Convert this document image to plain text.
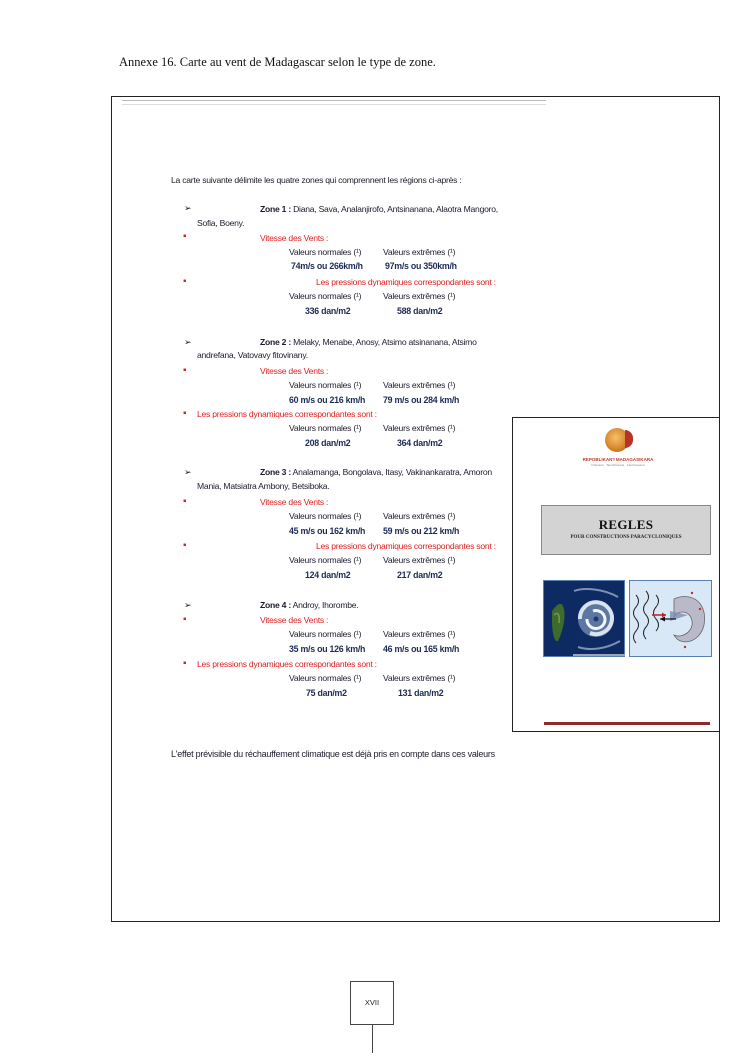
Annexe 16. Carte au vent de Madagascar selon le type de zone.
La carte suivante délimite les quatre zones qui comprennent les régions ci-après :
➢	Zone 1 : Diana, Sava, Analanjirofo, Antsinanana, Alaotra Mangoro,
Sofia, Boeny.
▪	Vitesse des Vents :
Valeurs normales (¹)	Valeurs extrêmes (¹)
74m/s ou 266km/h	97m/s ou 350km/h
▪	Les pressions dynamiques correspondantes sont :
Valeurs normales (¹)	Valeurs extrêmes (¹)
336 dan/m2	588 dan/m2
➢	Zone 2 : Melaky, Menabe, Anosy, Atsimo atsinanana, Atsimo
andrefana, Vatovavy fitovinany.
▪	Vitesse des Vents :
Valeurs normales (¹)	Valeurs extrêmes (¹)
60 m/s ou 216 km/h 79 m/s ou 284 km/h
▪ Les pressions dynamiques correspondantes sont :
Valeurs normales (¹)	Valeurs extrêmes (¹)
208 dan/m2	364 dan/m2
➢	Zone 3 : Analamanga, Bongolava, Itasy, Vakinankaratra, Amoron
Mania, Matsiatra Ambony, Betsiboka.
▪	Vitesse des Vents :
Valeurs normales (¹)	Valeurs extrêmes (¹)
45 m/s ou 162 km/h 59 m/s ou 212 km/h
▪	Les pressions dynamiques correspondantes sont :
Valeurs normales (¹)	Valeurs extrêmes (¹)
124 dan/m2	217 dan/m2
➢	Zone 4 : Androy, Ihorombe.
▪	Vitesse des Vents :
Valeurs normales (¹)	Valeurs extrêmes (¹)
35 m/s ou 126 km/h 46 m/s ou 165 km/h
▪ Les pressions dynamiques correspondantes sont :
Valeurs normales (¹)	Valeurs extrêmes (¹)
75 dan/m2	131 dan/m2
L'effet prévisible du réchauffement climatique est déjà pris en compte dans ces valeurs
REPOBLIKAN'I MADAGASIKARA
Fitiavana · Tanindrazana · Fandrosoana
REGLES
POUR CONSTRUCTIONS PARACYCLONIQUES
XVII
